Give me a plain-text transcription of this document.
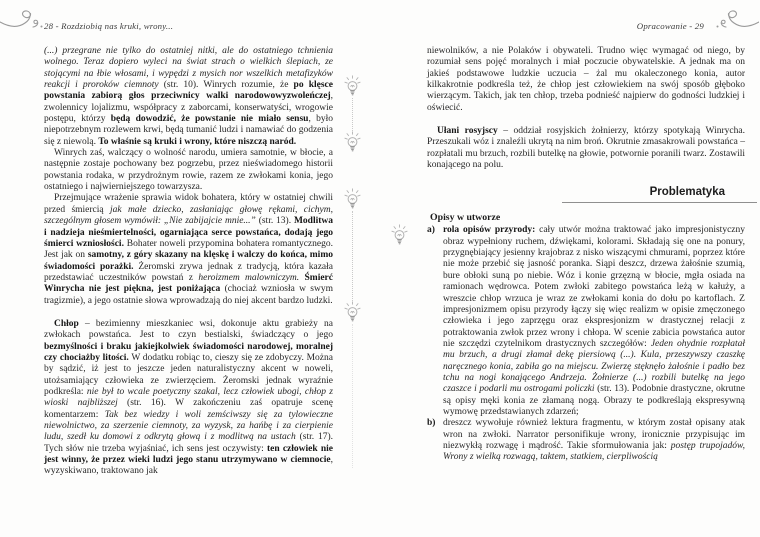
28 - Rozdziobią nas kruki, wrony...	Opracowanie - 29

(...) przegrane nie tylko do ostatniej nitki, ale do ostatniego tchnienia wolnego. Teraz dopiero wyleci na świat strach o wielkich ślepiach, ze stojącymi na łbie włosami, i wypędzi z mysich nor wszelkich metafizyków reakcji i proroków ciemnoty (str. 10). Winrych rozumie, że po klęsce powstania zabiorą głos przeciwnicy walki narodowowyzwoleńczej, zwolennicy lojalizmu, współpracy z zaborcami, konserwatyści, wrogowie postępu, którzy będą dowodzić, że powstanie nie miało sensu, było niepotrzebnym rozlewem krwi, będą tumanić ludzi i namawiać do godzenia się z niewolą. To właśnie są kruki i wrony, które niszczą naród.

Winrych zaś, walczący o wolność narodu, umiera samotnie, w błocie, a następnie zostaje pochowany bez pogrzebu, przez nieświadomego historii powstania rodaka, w przydrożnym rowie, razem ze zwłokami konia, jego ostatniego i najwierniejszego towarzysza.

Przejmujące wrażenie sprawia widok bohatera, który w ostatniej chwili przed śmiercią jak małe dziecko, zasłaniając głowę rękami, cichym, szczególnym głosem wymówił: „Nie zabijajcie mnie...” (str. 13). Modlitwa i nadzieja nieśmiertelności, ogarniająca serce powstańca, dodają jego śmierci wzniosłości. Bohater noweli przypomina bohatera romantycznego. Jest jak on samotny, z góry skazany na klęskę i walczy do końca, mimo świadomości porażki. Żeromski zrywa jednak z tradycją, która kazała przedstawiać uczestników powstań z heroizmem malowniczym. Śmierć Winrycha nie jest piękna, jest poniżająca (chociaż wzniosła w swym tragizmie), a jego ostatnie słowa wprowadzają do niej akcent bardzo ludzki.

Chłop – bezimienny mieszkaniec wsi, dokonuje aktu grabieży na zwłokach powstańca. Jest to czyn bestialski, świadczący o jego bezmyślności i braku jakiejkolwiek świadomości narodowej, moralnej czy chociażby litości. W dodatku robiąc to, cieszy się ze zdobyczy. Można by sądzić, iż jest to jeszcze jeden naturalistyczny akcent w noweli, utożsamiający człowieka ze zwierzęciem. Żeromski jednak wyraźnie podkreśla: nie był to wcale poetyczny szakal, lecz człowiek ubogi, chłop z wioski najbliższej (str. 16). W zakończeniu zaś opatruje scenę komentarzem: Tak bez wiedzy i woli zemściwszy się za tylowieczne niewolnictwo, za szerzenie ciemnoty, za wyzysk, za hańbę i za cierpienie ludu, szedł ku domowi z odkrytą głową i z modlitwą na ustach (str. 17). Tych słów nie trzeba wyjaśniać, ich sens jest oczywisty: ten człowiek nie jest winny, że przez wieki ludzi jego stanu utrzymywano w ciemnocie, wyzyskiwano, traktowano jak

niewolników, a nie Polaków i obywateli. Trudno więc wymagać od niego, by rozumiał sens pojęć moralnych i miał poczucie obywatelskie. A jednak ma on jakieś podstawowe ludzkie uczucia – żal mu okaleczonego konia, autor kilkakrotnie podkreśla też, że chłop jest człowiekiem na swój sposób głęboko wierzącym. Takich, jak ten chłop, trzeba podnieść najpierw do godności ludzkiej i oświecić.

Ułani rosyjscy – oddział rosyjskich żołnierzy, którzy spotykają Winrycha. Przeszukali wóz i znaleźli ukrytą na nim broń. Okrutnie zmasakrowali powstańca – rozpłatali mu brzuch, rozbili butelkę na głowie, potwornie poranili twarz. Zostawili konającego na polu.

Problematyka
Opisy w utworze
a) rola opisów przyrody: cały utwór można traktować jako impresjonistyczny obraz wypełniony ruchem, dźwiękami, kolorami. Składają się one na ponury, przygnębiający jesienny krajobraz z nisko wiszącymi chmurami, poprzez które nie może przebić się jasność poranka. Siąpi deszcz, drzewa żałośnie szumią, bure obłoki suną po niebie. Wóz i konie grzęzną w błocie, mgła osiada na ramionach wędrowca. Potem zwłoki zabitego powstańca leżą w kałuży, a wreszcie chłop wrzuca je wraz ze zwłokami konia do dołu po kartoflach. Z impresjonizmem opisu przyrody łączy się więc realizm w opisie zmęczonego człowieka i jego zaprzęgu oraz ekspresjonizm w drastycznej relacji z potraktowania zwłok przez wrony i chłopa. W scenie zabicia powstańca autor nie szczędzi czytelnikom drastycznych szczegółów: Jeden ohydnie rozpłatał mu brzuch, a drugi złamał dekę piersiową (...). Kula, przeszywszy czaszkę naręcznego konia, zabiła go na miejscu. Zwierzę stęknęło żałośnie i padło bez tchu na nogi konającego Andrzeja. Żołnierze (...) rozbili butelkę na jego czaszce i podarli mu ostrogami policzki (str. 13). Podobnie drastyczne, okrutne są opisy męki konia ze złamaną nogą. Obrazy te podkreślają ekspresywną wymowę przedstawianych zdarzeń;
b) dreszcz wywołuje również lektura fragmentu, w którym został opisany atak wron na zwłoki. Narrator personifikuje wrony, ironicznie przypisując im niezwykłą rozwagę i mądrość. Takie sformułowania jak: postęp trupojadów, Wrony z wielką rozwagą, taktem, statkiem, cierpliwością
